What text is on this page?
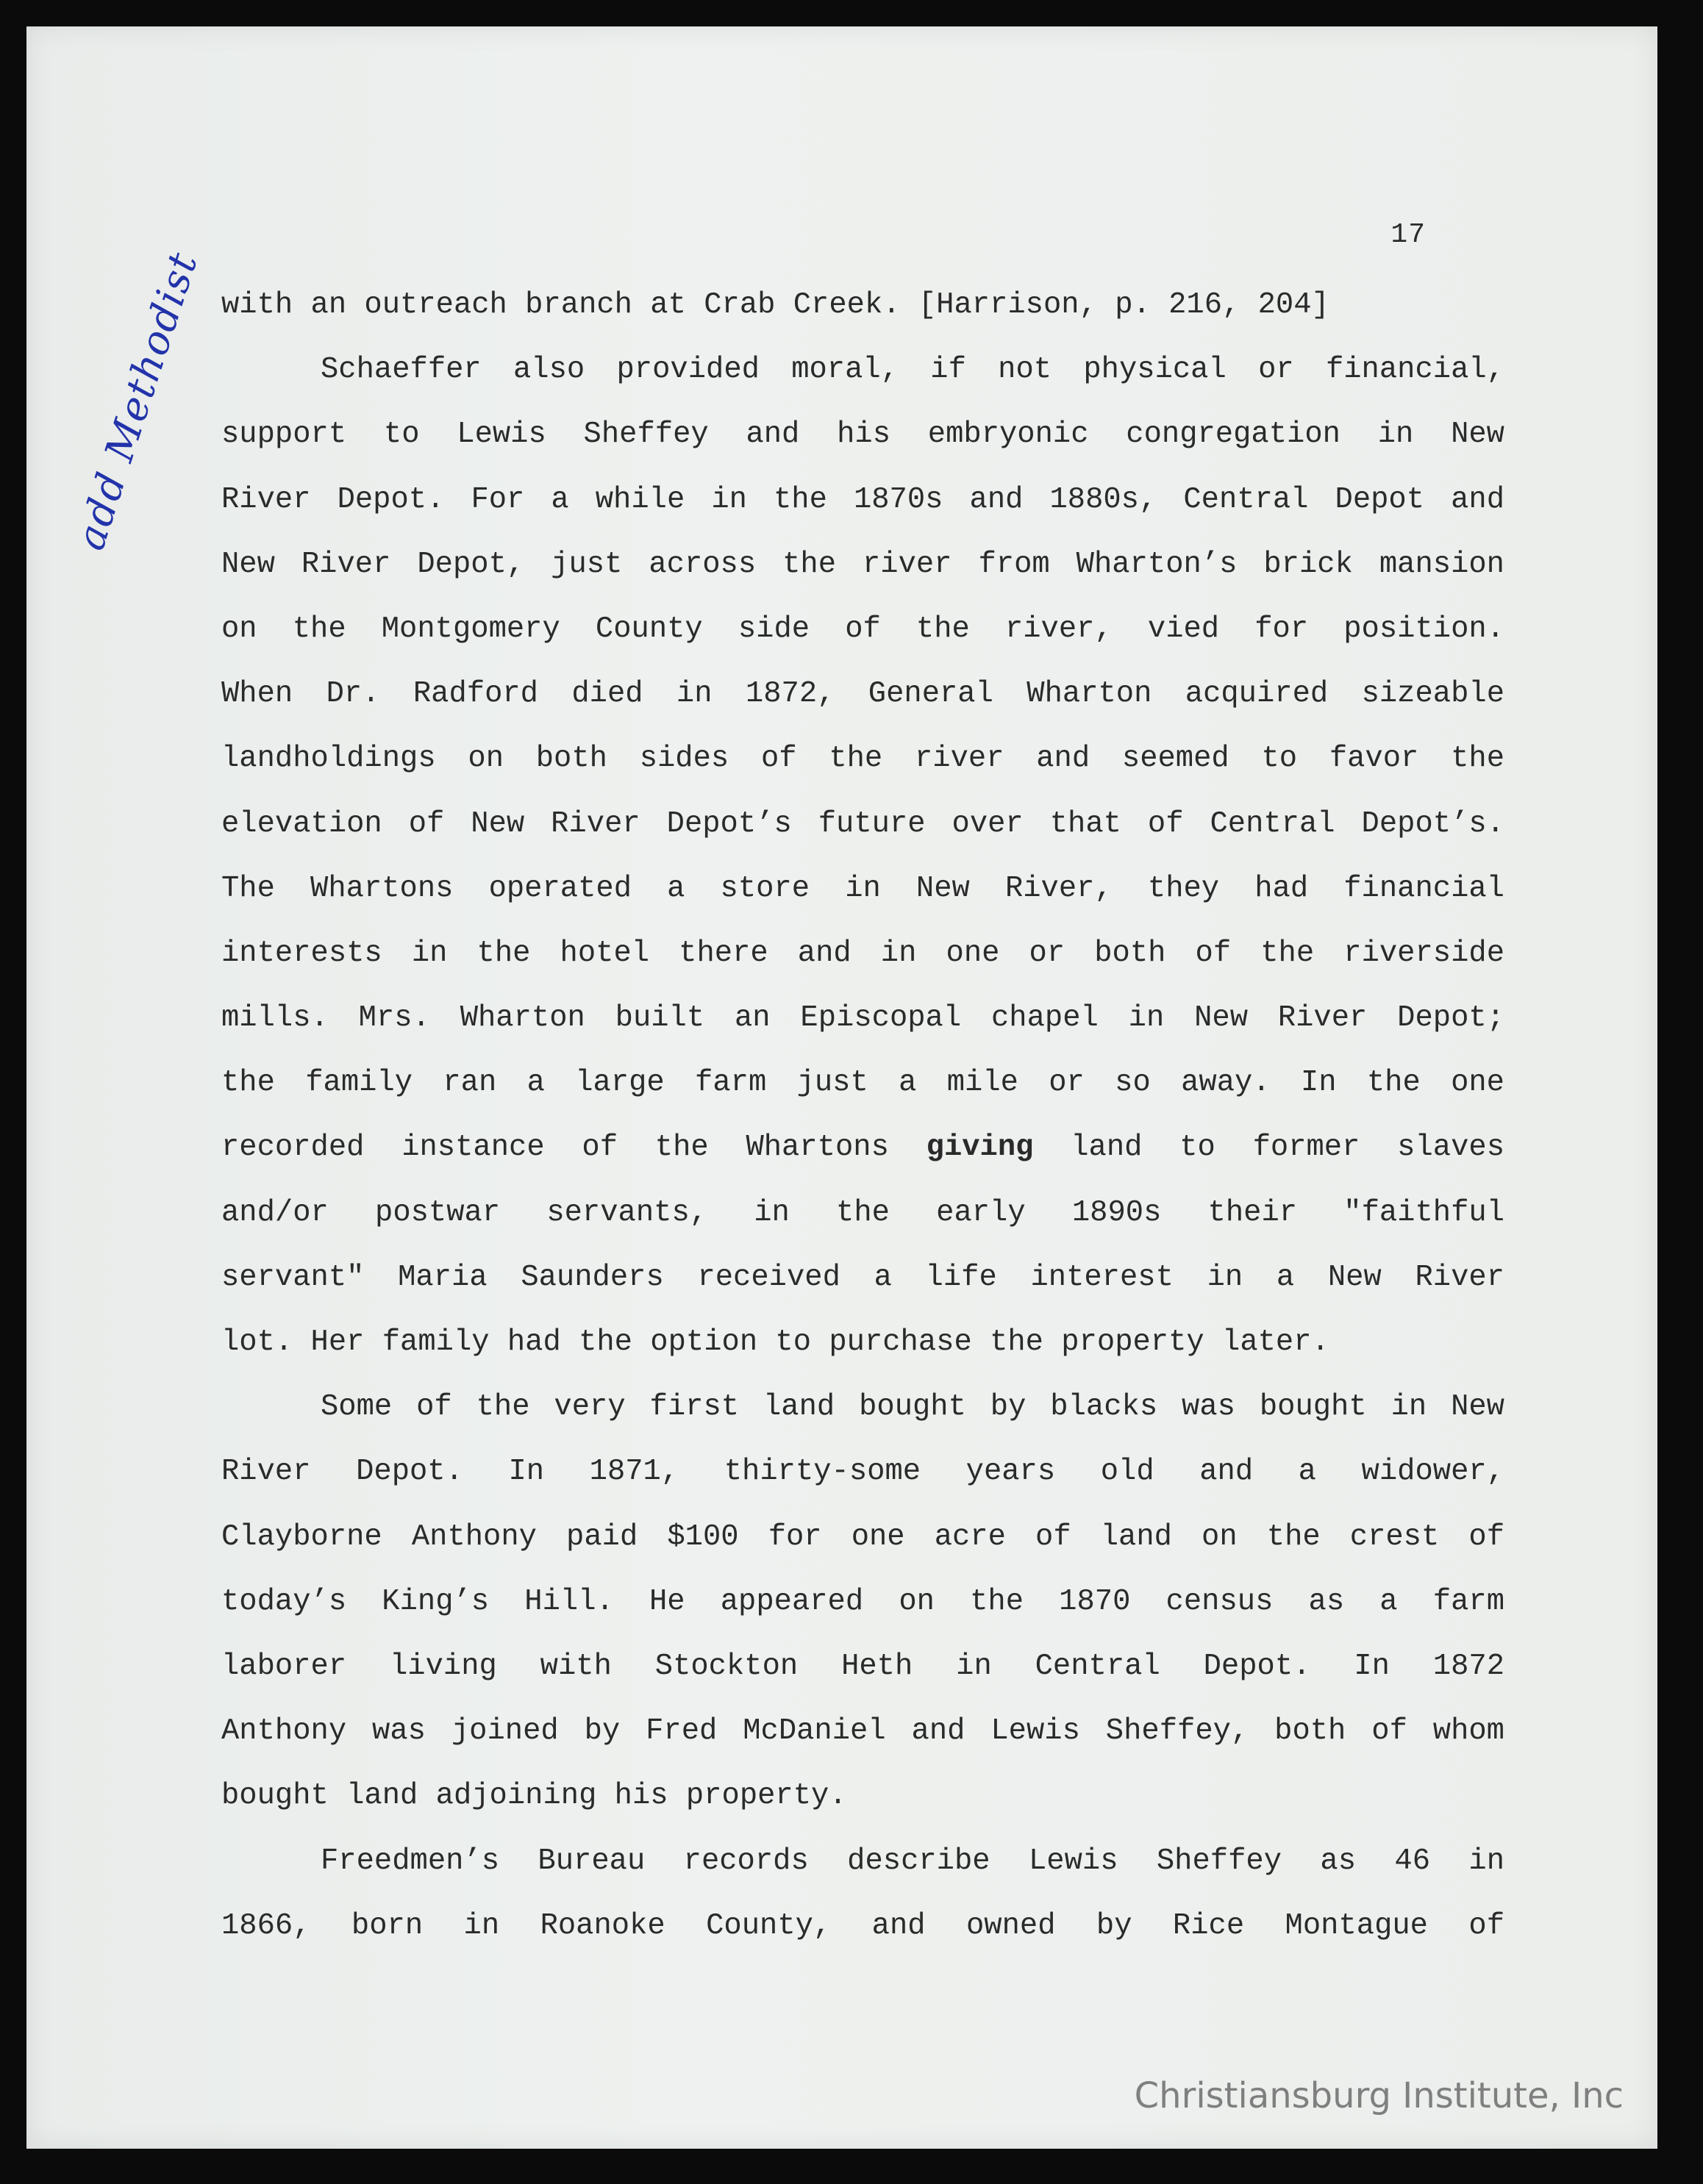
17

add Methodist with an outreach branch at Crab Creek. [Harrison, p. 216, 204]
Schaeffer also provided moral, if not physical or financial,
support to Lewis Sheffey and his embryonic congregation in New
River Depot. For a while in the 1870s and 1880s, Central Depot and
New River Depot, just across the river from Wharton’s brick mansion
on the Montgomery County side of the river, vied for position.
When Dr. Radford died in 1872, General Wharton acquired sizeable
landholdings on both sides of the river and seemed to favor the
elevation of New River Depot’s future over that of Central Depot’s.
The Whartons operated a store in New River, they had financial
interests in the hotel there and in one or both of the riverside
mills. Mrs. Wharton built an Episcopal chapel in New River Depot;
the family ran a large farm just a mile or so away. In the one
recorded instance of the Whartons giving land to former slaves
and/or postwar servants, in the early 1890s their "faithful
servant" Maria Saunders received a life interest in a New River
lot. Her family had the option to purchase the property later.
Some of the very first land bought by blacks was bought in New
River Depot. In 1871, thirty-some years old and a widower,
Clayborne Anthony paid $100 for one acre of land on the crest of
today’s King’s Hill. He appeared on the 1870 census as a farm
laborer living with Stockton Heth in Central Depot. In 1872
Anthony was joined by Fred McDaniel and Lewis Sheffey, both of whom
bought land adjoining his property.
Freedmen’s Bureau records describe Lewis Sheffey as 46 in
1866, born in Roanoke County, and owned by Rice Montague of
Christiansburg Institute, Inc
